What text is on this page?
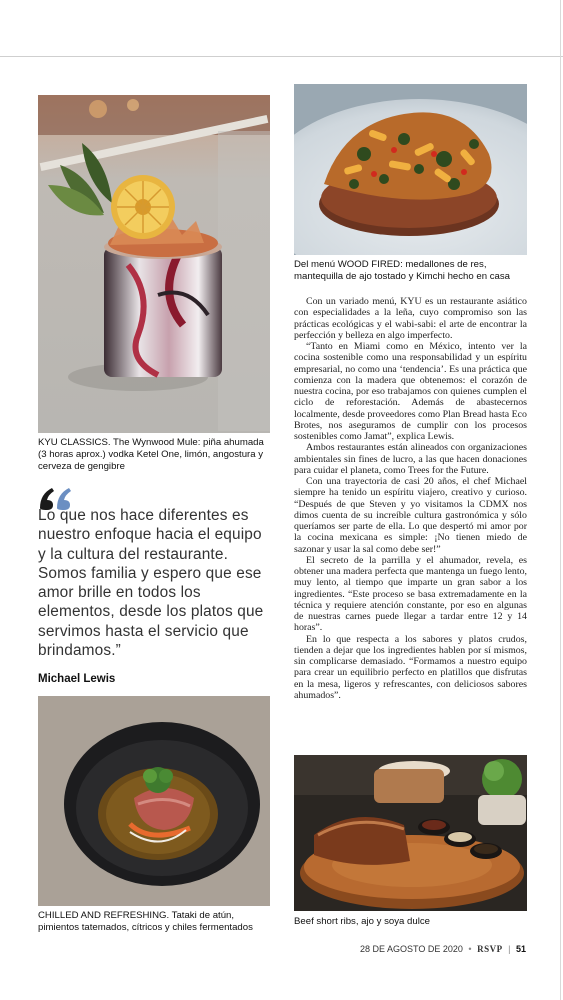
KYU CLASSICS. The Wynwood Mule: piña ahumada (3 horas aprox.) vodka Ketel One, limón, angostura y cerveza de gengibre
Del menú WOOD FIRED: medallones de res, mantequilla de ajo tostado y Kimchi hecho en casa
Lo que nos hace diferentes es nuestro enfoque hacia el equipo y la cultura del restaurante. Somos familia y espero que ese amor brille en todos los elementos, desde los platos que servimos hasta el servicio que brindamos.”
Michael Lewis
CHILLED AND REFRESHING. Tataki de atún, pimientos tatemados, cítricos y chiles fermentados

Con un variado menú, KYU es un restaurante asiático con especialidades a la leña, cuyo compromiso son las prácticas ecológicas y el wabi-sabi: el arte de encontrar la perfección y belleza en algo imperfecto.

“Tanto en Miami como en México, intento ver la cocina sostenible como una responsabilidad y un espíritu empresarial, no como una ‘tendencia’. Es una práctica que comienza con la madera que obtenemos: el corazón de nuestra cocina, por eso trabajamos con quienes cumplen el ciclo de reforestación. Además de abastecernos localmente, desde proveedores como Plan Bread hasta Eco Brotes, nos aseguramos de cumplir con los procesos sostenibles como Jamat”, explica Lewis.

Ambos restaurantes están alineados con organizaciones ambientales sin fines de lucro, a las que hacen donaciones para cuidar el planeta, como Trees for the Future.

Con una trayectoria de casi 20 años, el chef Michael siempre ha tenido un espíritu viajero, creativo y curioso. “Después de que Steven y yo visitamos la CDMX nos dimos cuenta de su increíble cultura gastronómica y sólo queríamos ser parte de ella. Lo que despertó mi amor por la cocina mexicana es simple: ¡No tienen miedo de sazonar y usar la sal como debe ser!”

El secreto de la parrilla y el ahumador, revela, es obtener una madera perfecta que mantenga un fuego lento, muy lento, al tiempo que imparte un gran sabor a los ingredientes. “Este proceso se basa extremadamente en la técnica y requiere atención constante, por eso en algunas de nuestras carnes puede llegar a tardar entre 12 y 14 horas”.

En lo que respecta a los sabores y platos crudos, tienden a dejar que los ingredientes hablen por sí mismos, sin complicarse demasiado. “Formamos a nuestro equipo para crear un equilibrio perfecto en platillos que disfrutas en la mesa, ligeros y refrescantes, con deliciosos sabores ahumados”.

Beef short ribs, ajo y soya dulce
28 DE AGOSTO DE 2020 • RSVP | 51
